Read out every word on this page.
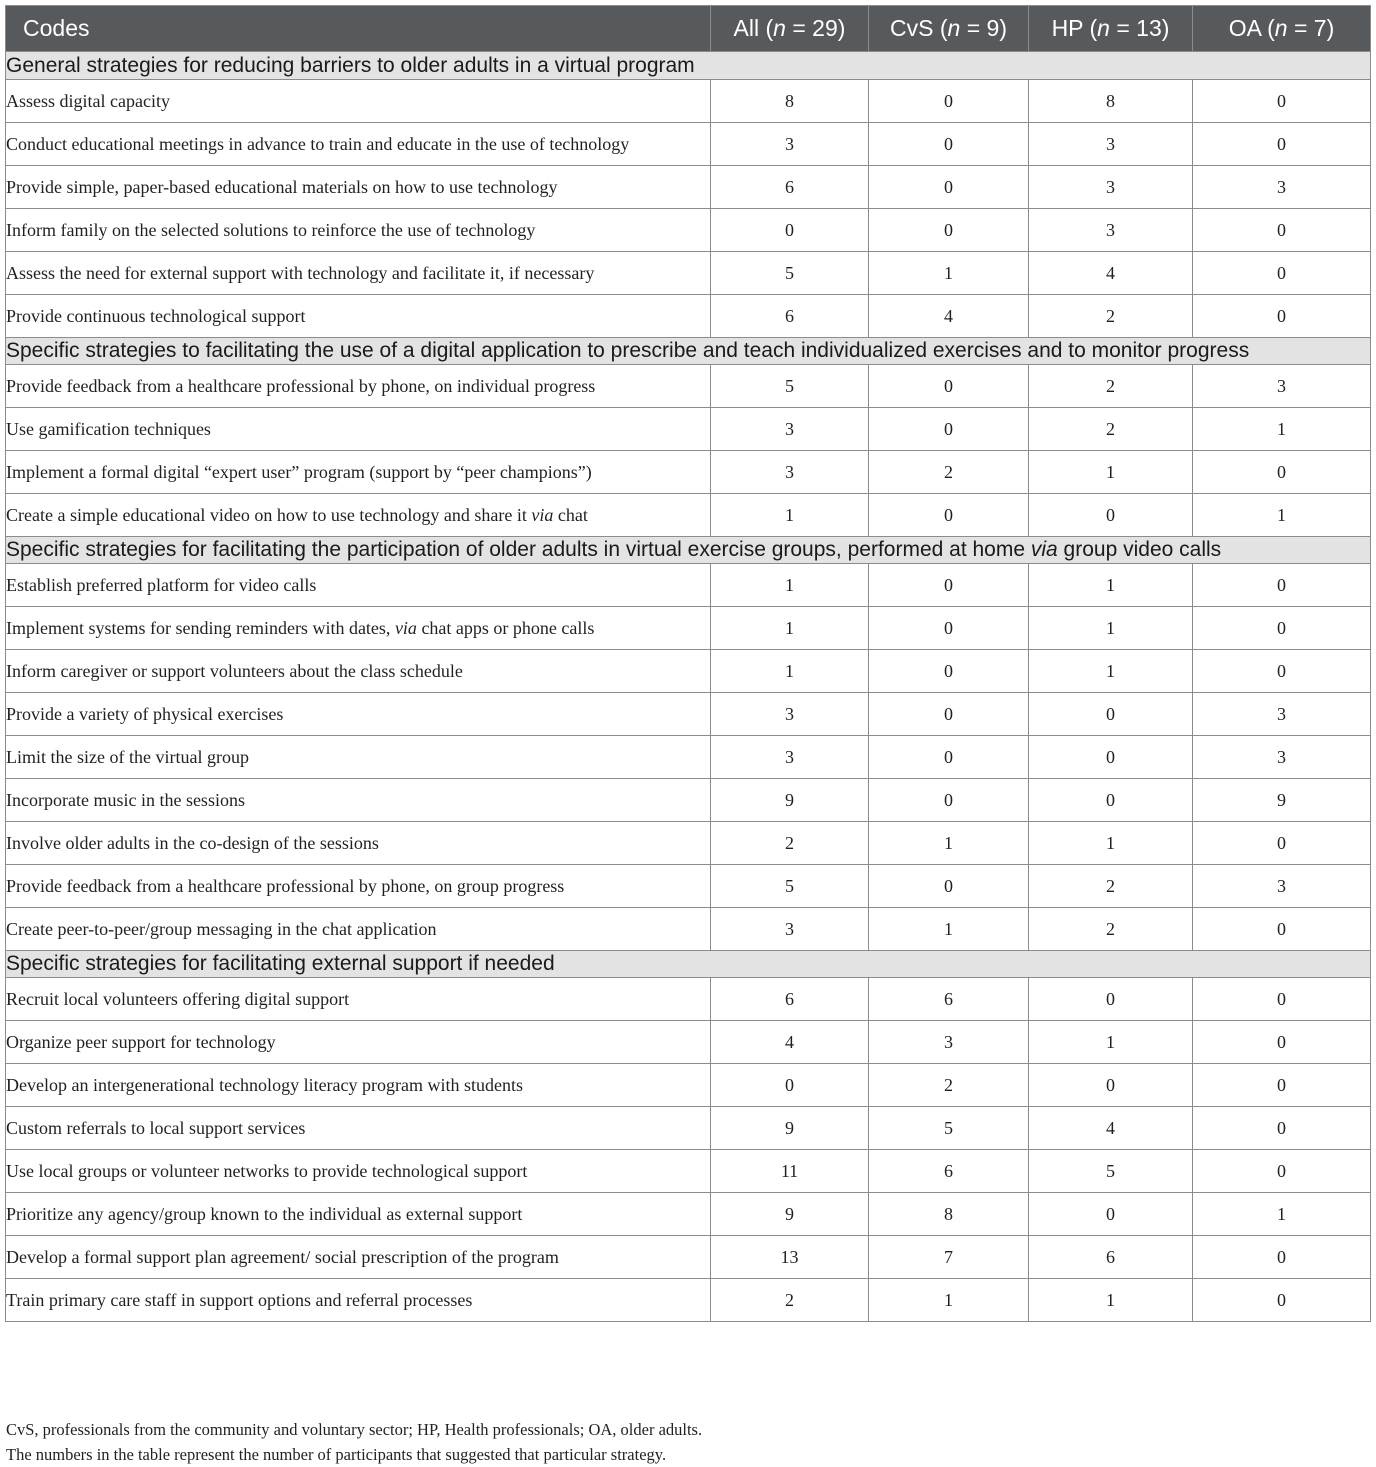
Codes	All (n = 29)	CvS (n = 9)	HP (n = 13)	OA (n = 7)
General strategies for reducing barriers to older adults in a virtual program				
Assess digital capacity	8	0	8	0
Conduct educational meetings in advance to train and educate in the use of technology	3	0	3	0
Provide simple, paper-based educational materials on how to use technology	6	0	3	3
Inform family on the selected solutions to reinforce the use of technology	0	0	3	0
Assess the need for external support with technology and facilitate it, if necessary	5	1	4	0
Provide continuous technological support	6	4	2	0
Specific strategies to facilitating the use of a digital application to prescribe and teach individualized exercises and to monitor progress				
Provide feedback from a healthcare professional by phone, on individual progress	5	0	2	3
Use gamification techniques	3	0	2	1
Implement a formal digital “expert user” program (support by “peer champions”)	3	2	1	0
Create a simple educational video on how to use technology and share it via chat	1	0	0	1
Specific strategies for facilitating the participation of older adults in virtual exercise groups, performed at home via group video calls				
Establish preferred platform for video calls	1	0	1	0
Implement systems for sending reminders with dates, via chat apps or phone calls	1	0	1	0
Inform caregiver or support volunteers about the class schedule	1	0	1	0
Provide a variety of physical exercises	3	0	0	3
Limit the size of the virtual group	3	0	0	3
Incorporate music in the sessions	9	0	0	9
Involve older adults in the co-design of the sessions	2	1	1	0
Provide feedback from a healthcare professional by phone, on group progress	5	0	2	3
Create peer-to-peer/group messaging in the chat application	3	1	2	0
Specific strategies for facilitating external support if needed				
Recruit local volunteers offering digital support	6	6	0	0
Organize peer support for technology	4	3	1	0
Develop an intergenerational technology literacy program with students	0	2	0	0
Custom referrals to local support services	9	5	4	0
Use local groups or volunteer networks to provide technological support	11	6	5	0
Prioritize any agency/group known to the individual as external support	9	8	0	1
Develop a formal support plan agreement/ social prescription of the program	13	7	6	0
Train primary care staff in support options and referral processes	2	1	1	0
CvS, professionals from the community and voluntary sector; HP, Health professionals; OA, older adults.
The numbers in the table represent the number of participants that suggested that particular strategy.
